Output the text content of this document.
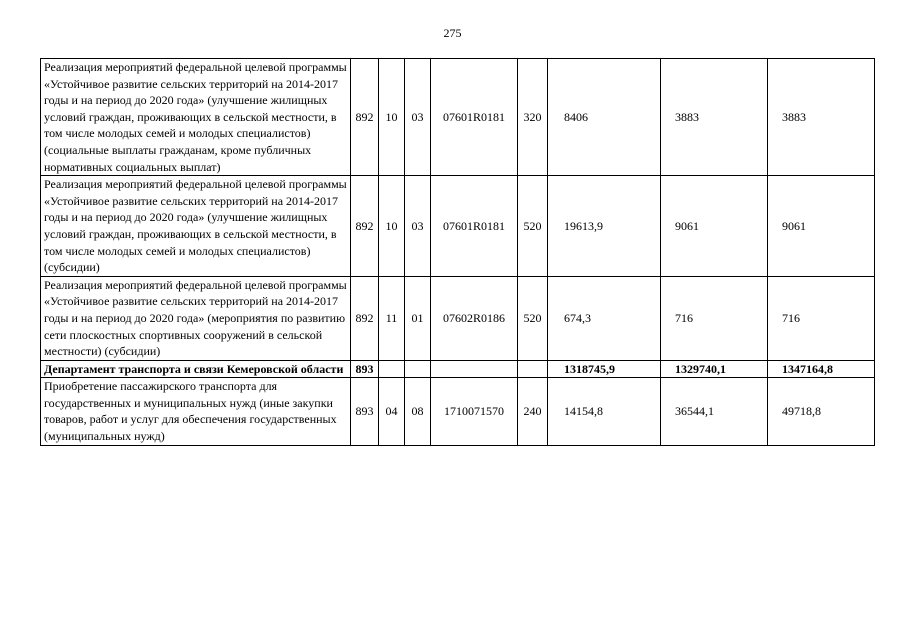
275
Реализация мероприятий федеральной целевой программы «Устойчивое развитие сельских территорий на 2014-2017 годы и на период до 2020 года» (улучшение жилищных условий граждан, проживающих в сельской местности, в том числе молодых семей и молодых специалистов) (социальные выплаты гражданам, кроме публичных нормативных социальных выплат)	892	10	03	07601R0181	320	8406	3883	3883
Реализация мероприятий федеральной целевой программы «Устойчивое развитие сельских территорий на 2014-2017 годы и на период до 2020 года» (улучшение жилищных условий граждан, проживающих в сельской местности, в том числе молодых семей и молодых специалистов) (субсидии)	892	10	03	07601R0181	520	19613,9	9061	9061
Реализация мероприятий федеральной целевой программы «Устойчивое развитие сельских территорий на 2014-2017 годы и на период до 2020 года» (мероприятия по развитию сети плоскостных спортивных сооружений в сельской местности) (субсидии)	892	11	01	07602R0186	520	674,3	716	716
Департамент транспорта и связи Кемеровской области	893					1318745,9	1329740,1	1347164,8
Приобретение пассажирского транспорта для государственных и муниципальных нужд (иные закупки товаров, работ и услуг для обеспечения государственных (муниципальных нужд)	893	04	08	1710071570	240	14154,8	36544,1	49718,8
